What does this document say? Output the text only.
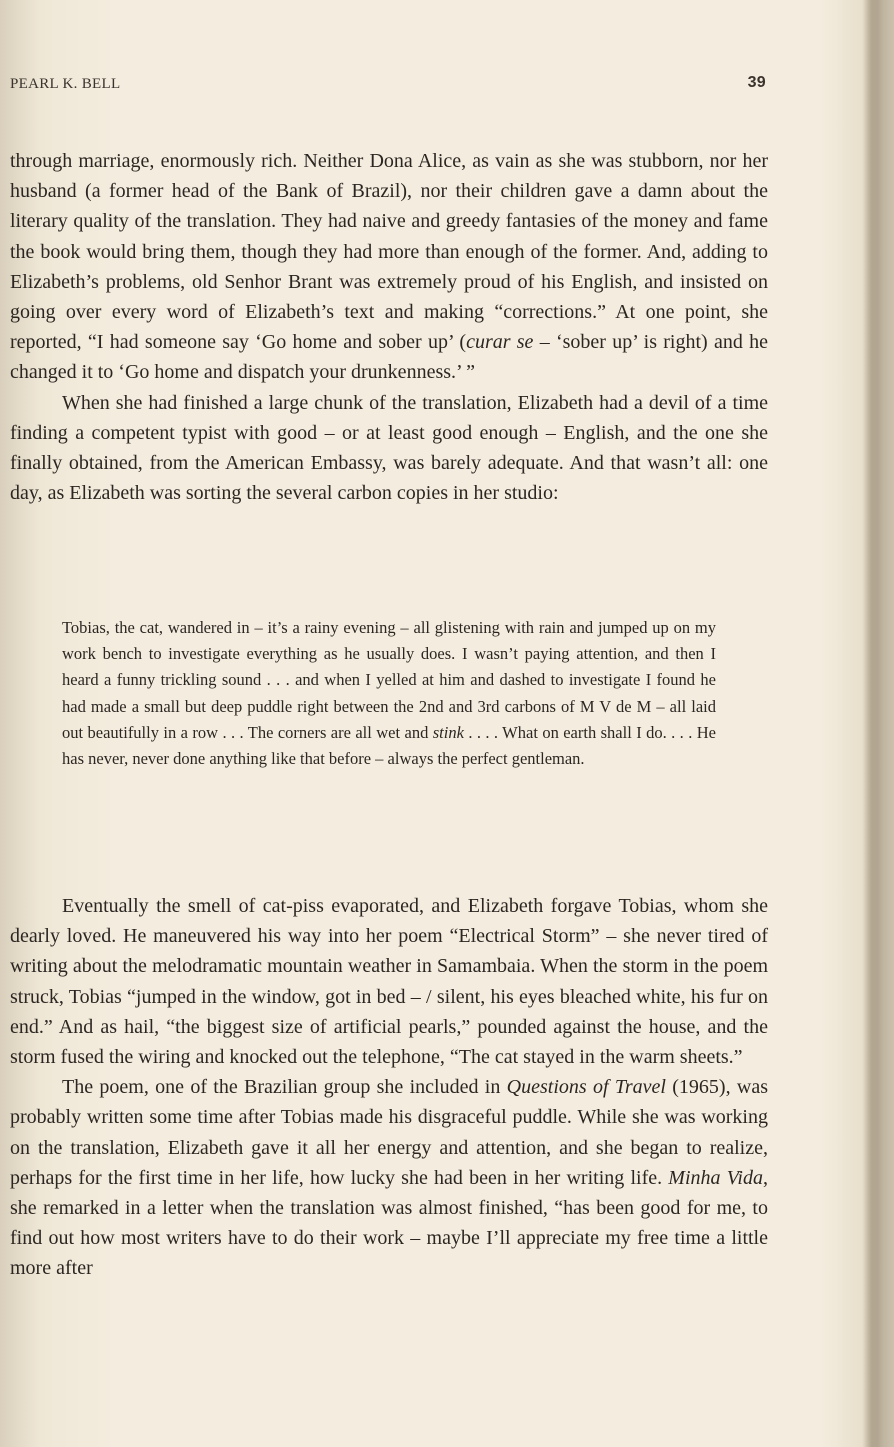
PEARL K. BELL	39

through marriage, enormously rich. Neither Dona Alice, as vain as she was stubborn, nor her husband (a former head of the Bank of Brazil), nor their children gave a damn about the literary quality of the translation. They had naive and greedy fantasies of the money and fame the book would bring them, though they had more than enough of the former. And, adding to Elizabeth’s problems, old Senhor Brant was extremely proud of his English, and insisted on going over every word of Elizabeth’s text and making “corrections.” At one point, she reported, “I had someone say ‘Go home and sober up’ (curar se – ‘sober up’ is right) and he changed it to ‘Go home and dispatch your drunkenness.’ ”

When she had finished a large chunk of the translation, Elizabeth had a devil of a time finding a competent typist with good – or at least good enough – English, and the one she finally obtained, from the American Embassy, was barely adequate. And that wasn’t all: one day, as Elizabeth was sorting the several carbon copies in her studio:

Tobias, the cat, wandered in – it’s a rainy evening – all glistening with rain and jumped up on my work bench to investigate everything as he usually does. I wasn’t paying attention, and then I heard a funny trickling sound . . . and when I yelled at him and dashed to investigate I found he had made a small but deep puddle right between the 2nd and 3rd carbons of M V de M – all laid out beautifully in a row . . . The corners are all wet and stink . . . . What on earth shall I do. . . . He has never, never done anything like that before – always the perfect gentleman.

Eventually the smell of cat-piss evaporated, and Elizabeth forgave Tobias, whom she dearly loved. He maneuvered his way into her poem “Electrical Storm” – she never tired of writing about the melodramatic mountain weather in Samambaia. When the storm in the poem struck, Tobias “jumped in the window, got in bed – / silent, his eyes bleached white, his fur on end.” And as hail, “the biggest size of artificial pearls,” pounded against the house, and the storm fused the wiring and knocked out the telephone, “The cat stayed in the warm sheets.”

The poem, one of the Brazilian group she included in Questions of Travel (1965), was probably written some time after Tobias made his disgraceful puddle. While she was working on the translation, Elizabeth gave it all her energy and attention, and she began to realize, perhaps for the first time in her life, how lucky she had been in her writing life. Minha Vida, she remarked in a letter when the translation was almost finished, “has been good for me, to find out how most writers have to do their work – maybe I’ll appreciate my free time a little more after
